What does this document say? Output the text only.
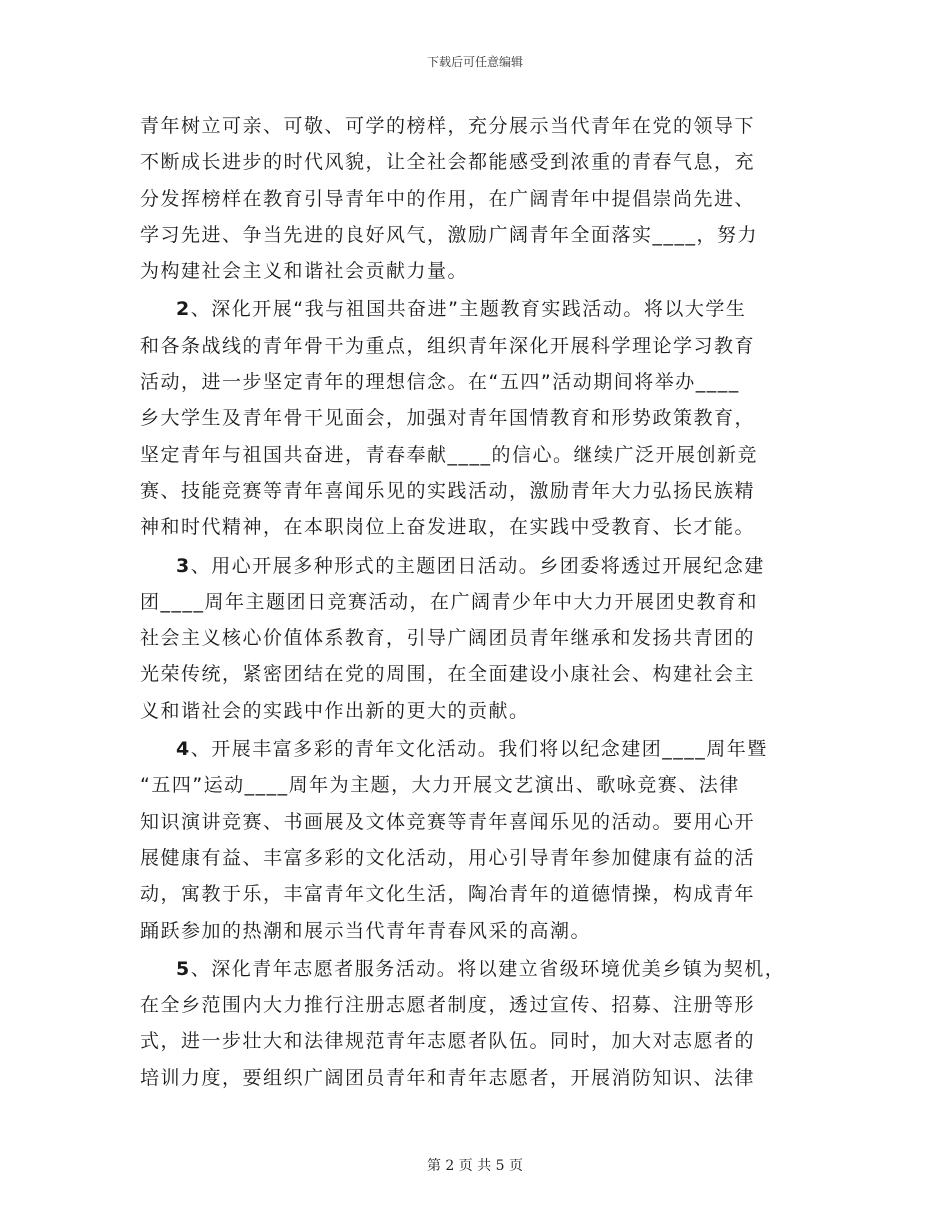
下载后可任意编辑
青年树立可亲、可敬、可学的榜样，充分展示当代青年在党的领导下
不断成长进步的时代风貌，让全社会都能感受到浓重的青春气息，充
分发挥榜样在教育引导青年中的作用，在广阔青年中提倡崇尚先进、
学习先进、争当先进的良好风气，激励广阔青年全面落实____，努力
为构建社会主义和谐社会贡献力量。
2、深化开展“我与祖国共奋进”主题教育实践活动。将以大学生
和各条战线的青年骨干为重点，组织青年深化开展科学理论学习教育
活动，进一步坚定青年的理想信念。在“五四”活动期间将举办____
乡大学生及青年骨干见面会，加强对青年国情教育和形势政策教育，
坚定青年与祖国共奋进，青春奉献____的信心。继续广泛开展创新竞
赛、技能竞赛等青年喜闻乐见的实践活动，激励青年大力弘扬民族精
神和时代精神，在本职岗位上奋发进取，在实践中受教育、长才能。
3、用心开展多种形式的主题团日活动。乡团委将透过开展纪念建
团____周年主题团日竞赛活动，在广阔青少年中大力开展团史教育和
社会主义核心价值体系教育，引导广阔团员青年继承和发扬共青团的
光荣传统，紧密团结在党的周围，在全面建设小康社会、构建社会主
义和谐社会的实践中作出新的更大的贡献。
4、开展丰富多彩的青年文化活动。我们将以纪念建团____周年暨
“五四”运动____周年为主题，大力开展文艺演出、歌咏竞赛、法律
知识演讲竞赛、书画展及文体竞赛等青年喜闻乐见的活动。要用心开
展健康有益、丰富多彩的文化活动，用心引导青年参加健康有益的活
动，寓教于乐，丰富青年文化生活，陶冶青年的道德情操，构成青年
踊跃参加的热潮和展示当代青年青春风采的高潮。
5、深化青年志愿者服务活动。将以建立省级环境优美乡镇为契机，
在全乡范围内大力推行注册志愿者制度，透过宣传、招募、注册等形
式，进一步壮大和法律规范青年志愿者队伍。同时，加大对志愿者的
培训力度，要组织广阔团员青年和青年志愿者，开展消防知识、法律
第 2 页 共 5 页
